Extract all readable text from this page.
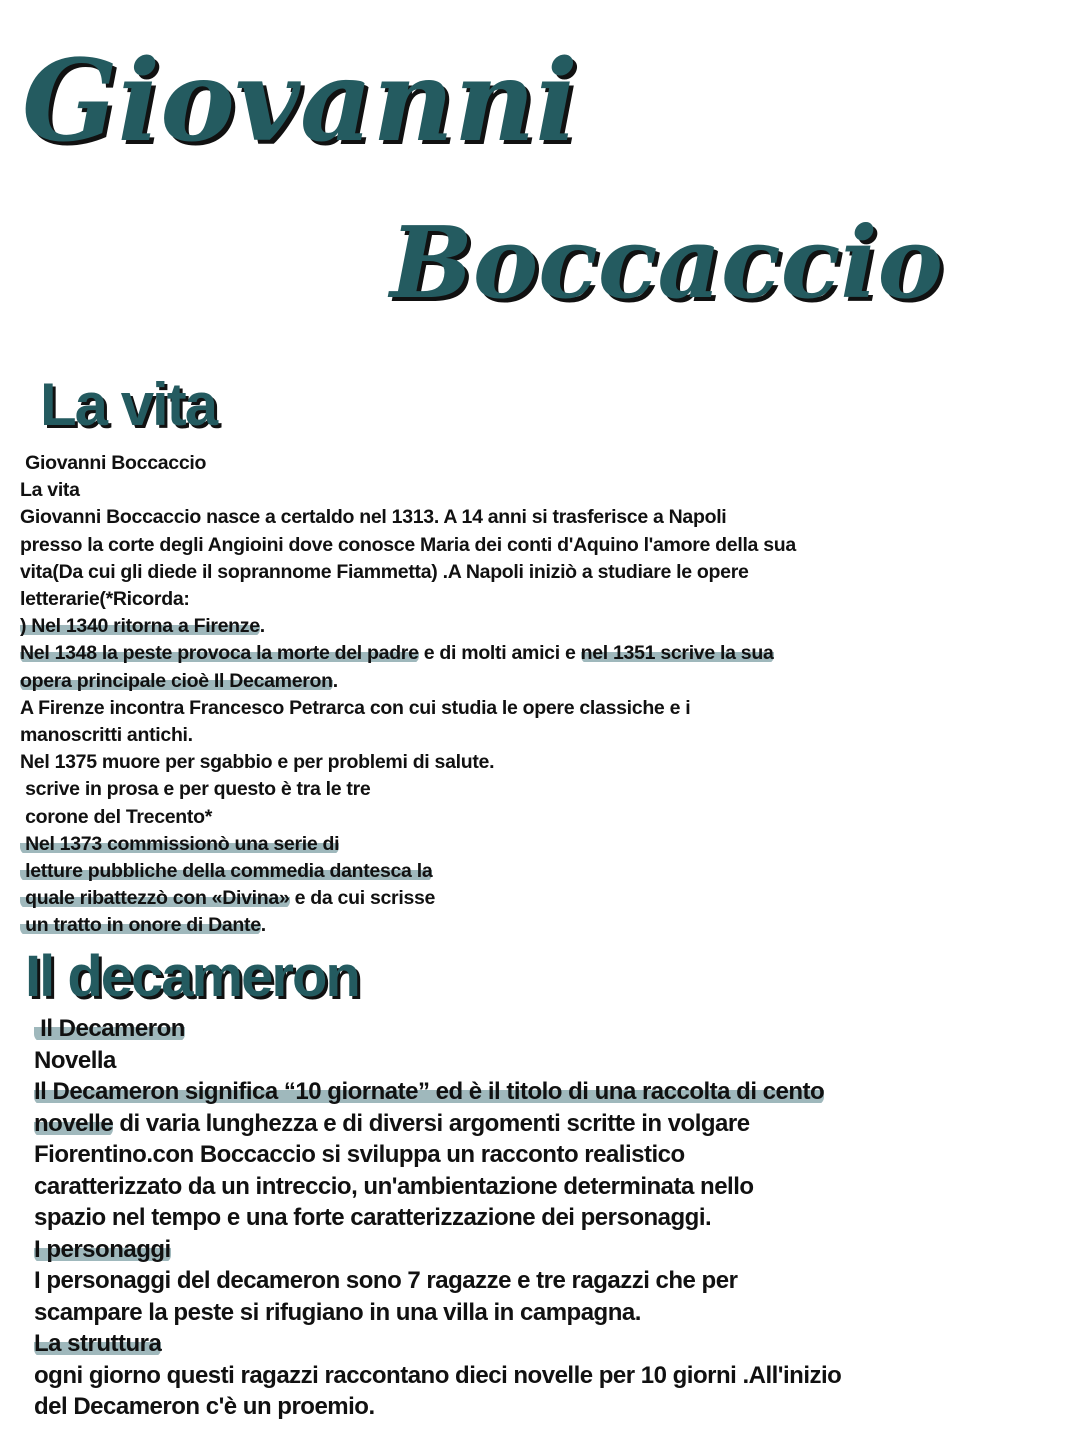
Giovanni
Boccaccio
La vita
Giovanni Boccaccio
La vita
Giovanni Boccaccio nasce a certaldo nel 1313. A 14 anni si trasferisce a Napoli
presso la corte degli Angioini dove conosce Maria dei conti d'Aquino l'amore della sua
vita(Da cui gli diede il soprannome Fiammetta) .A Napoli iniziò a studiare le opere
letterarie(*Ricorda:
) Nel 1340 ritorna a Firenze.
Nel 1348 la peste provoca la morte del padre e di molti amici e nel 1351 scrive la sua
opera principale cioè Il Decameron.
A Firenze incontra Francesco Petrarca con cui studia le opere classiche e i
manoscritti antichi.
Nel 1375 muore per sgabbio e per problemi di salute.
scrive in prosa e per questo è tra le tre
corone del Trecento*
Nel 1373 commissionò una serie di
letture pubbliche della commedia dantesca la
quale ribattezzò con «Divina» e da cui scrisse
un tratto in onore di Dante.
Il decameron
Il Decameron
Novella
Il Decameron significa “10 giornate” ed è il titolo di una raccolta di cento
novelle di varia lunghezza e di diversi argomenti scritte in volgare
Fiorentino.con Boccaccio si sviluppa un racconto realistico
caratterizzato da un intreccio, un'ambientazione determinata nello
spazio nel tempo e una forte caratterizzazione dei personaggi.
I personaggi
I personaggi del decameron sono 7 ragazze e tre ragazzi che per
scampare la peste si rifugiano in una villa in campagna.
La struttura
ogni giorno questi ragazzi raccontano dieci novelle per 10 giorni .All'inizio
del Decameron c'è un proemio.
